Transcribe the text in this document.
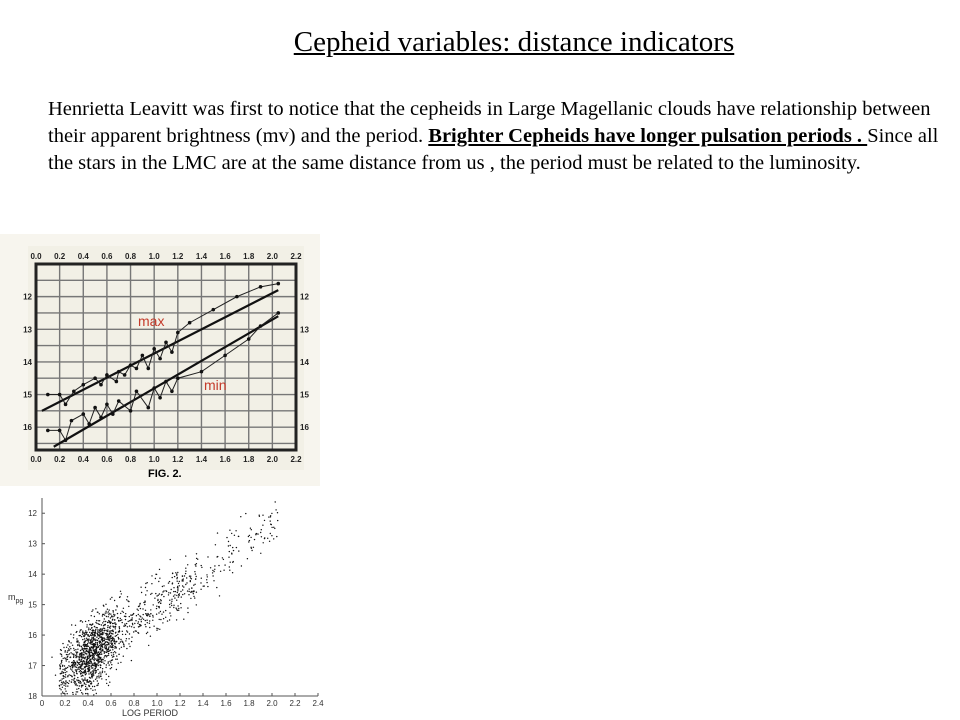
Cepheid variables: distance indicators
Henrietta Leavitt was first to notice that the cepheids in Large Magellanic clouds have relationship between their apparent brightness (mv) and the period. Brighter Cepheids have longer pulsation periods . Since all the stars in the LMC are at the same distance from us , the period must be related to the luminosity.
0.0
0.0
0.2
0.2
0.4
0.4
0.6
0.6
0.8
0.8
1.0
1.0
1.2
1.2
1.4
1.4
1.6
1.6
1.8
1.8
2.0
2.0
2.2
2.2
12	12
13	13
14	14
15	15
16	16
max
min
FIG. 2.
0 0.2 0.4 0.6 0.8 1.0 1.2 1.4 1.6 1.8 2.0 2.2 2.4
12
13
14
15
16
17
18
$m_{pg}$
LOG PERIOD
